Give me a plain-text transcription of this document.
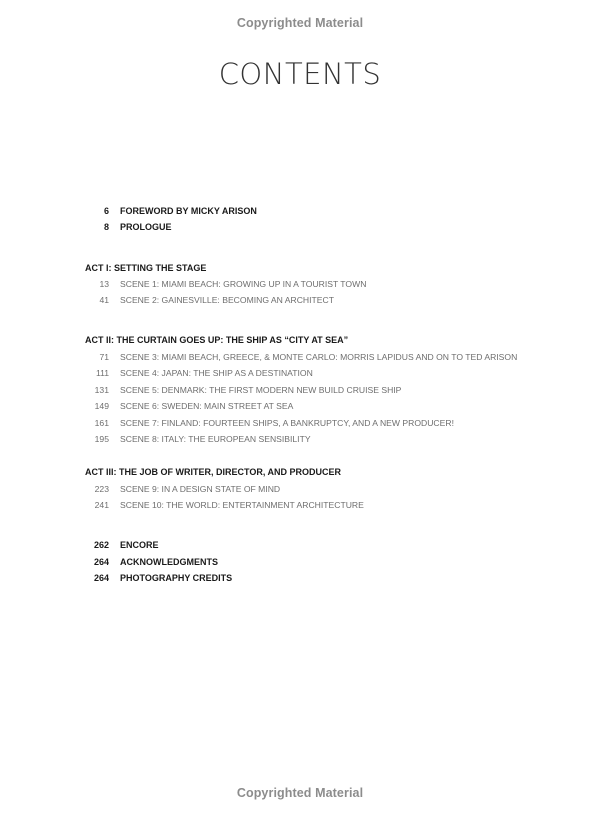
Copyrighted Material
CONTENTS
6 FOREWORD BY MICKY ARISON
8 PROLOGUE
ACT I: SETTING THE STAGE
13 SCENE 1: MIAMI BEACH: GROWING UP IN A TOURIST TOWN
41 SCENE 2: GAINESVILLE: BECOMING AN ARCHITECT
ACT II: THE CURTAIN GOES UP: THE SHIP AS “CITY AT SEA”
71 SCENE 3: MIAMI BEACH, GREECE, & MONTE CARLO: MORRIS LAPIDUS AND ON TO TED ARISON
111 SCENE 4: JAPAN: THE SHIP AS A DESTINATION
131 SCENE 5: DENMARK: THE FIRST MODERN NEW BUILD CRUISE SHIP
149 SCENE 6: SWEDEN: MAIN STREET AT SEA
161 SCENE 7: FINLAND: FOURTEEN SHIPS, A BANKRUPTCY, AND A NEW PRODUCER!
195 SCENE 8: ITALY: THE EUROPEAN SENSIBILITY
ACT III: THE JOB OF WRITER, DIRECTOR, AND PRODUCER
223 SCENE 9: IN A DESIGN STATE OF MIND
241 SCENE 10: THE WORLD: ENTERTAINMENT ARCHITECTURE
262 ENCORE
264 ACKNOWLEDGMENTS
264 PHOTOGRAPHY CREDITS
Copyrighted Material
